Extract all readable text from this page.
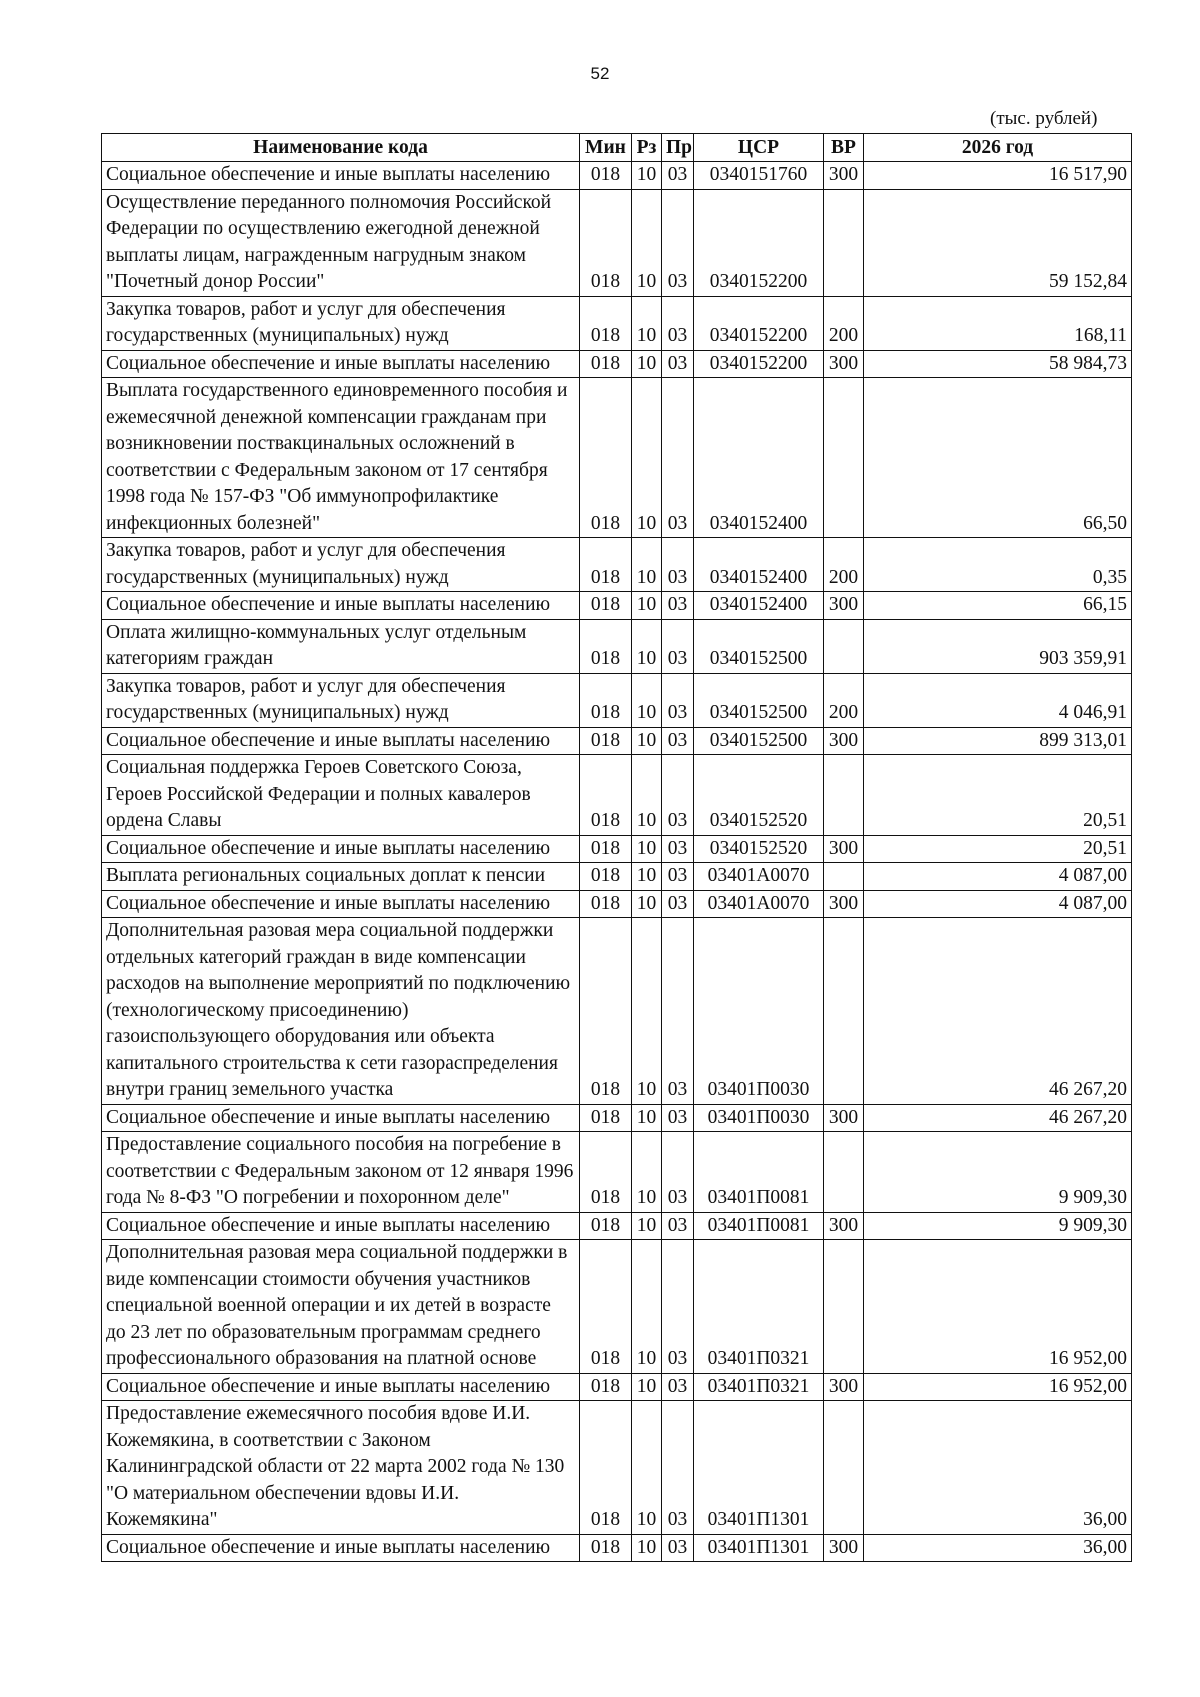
52
(тыс. рублей)
Наименование кода	Мин	Рз	Пр	ЦСР	ВР	2026 год
Социальное обеспечение и иные выплаты населению	018	10	03	0340151760	300	16 517,90
Осуществление переданного полномочия Российской Федерации по осуществлению ежегодной денежной выплаты лицам, награжденным нагрудным знаком "Почетный донор России"	018	10	03	0340152200		59 152,84
Закупка товаров, работ и услуг для обеспечения государственных (муниципальных) нужд	018	10	03	0340152200	200	168,11
Социальное обеспечение и иные выплаты населению	018	10	03	0340152200	300	58 984,73
Выплата государственного единовременного пособия и ежемесячной денежной компенсации гражданам при возникновении поствакцинальных осложнений в соответствии с Федеральным законом от 17 сентября 1998 года № 157-ФЗ "Об иммунопрофилактике инфекционных болезней"	018	10	03	0340152400		66,50
Закупка товаров, работ и услуг для обеспечения государственных (муниципальных) нужд	018	10	03	0340152400	200	0,35
Социальное обеспечение и иные выплаты населению	018	10	03	0340152400	300	66,15
Оплата жилищно-коммунальных услуг отдельным категориям граждан	018	10	03	0340152500		903 359,91
Закупка товаров, работ и услуг для обеспечения государственных (муниципальных) нужд	018	10	03	0340152500	200	4 046,91
Социальное обеспечение и иные выплаты населению	018	10	03	0340152500	300	899 313,01
Социальная поддержка Героев Советского Союза, Героев Российской Федерации и полных кавалеров ордена Славы	018	10	03	0340152520		20,51
Социальное обеспечение и иные выплаты населению	018	10	03	0340152520	300	20,51
Выплата региональных социальных доплат к пенсии	018	10	03	03401А0070		4 087,00
Социальное обеспечение и иные выплаты населению	018	10	03	03401А0070	300	4 087,00
Дополнительная разовая мера социальной поддержки отдельных категорий граждан в виде компенсации расходов на выполнение мероприятий по подключению (технологическому присоединению) газоиспользующего оборудования или объекта капитального строительства к сети газораспределения внутри границ земельного участка	018	10	03	03401П0030		46 267,20
Социальное обеспечение и иные выплаты населению	018	10	03	03401П0030	300	46 267,20
Предоставление социального пособия на погребение в соответствии с Федеральным законом от 12 января 1996 года № 8-ФЗ "О погребении и похоронном деле"	018	10	03	03401П0081		9 909,30
Социальное обеспечение и иные выплаты населению	018	10	03	03401П0081	300	9 909,30
Дополнительная разовая мера социальной поддержки в виде компенсации стоимости обучения участников специальной военной операции и их детей в возрасте до 23 лет по образовательным программам среднего профессионального образования на платной основе	018	10	03	03401П0321		16 952,00
Социальное обеспечение и иные выплаты населению	018	10	03	03401П0321	300	16 952,00
Предоставление ежемесячного пособия вдове И.И. Кожемякина, в соответствии с Законом Калининградской области от 22 марта 2002 года № 130 "О материальном обеспечении вдовы И.И. Кожемякина"	018	10	03	03401П1301		36,00
Социальное обеспечение и иные выплаты населению	018	10	03	03401П1301	300	36,00
